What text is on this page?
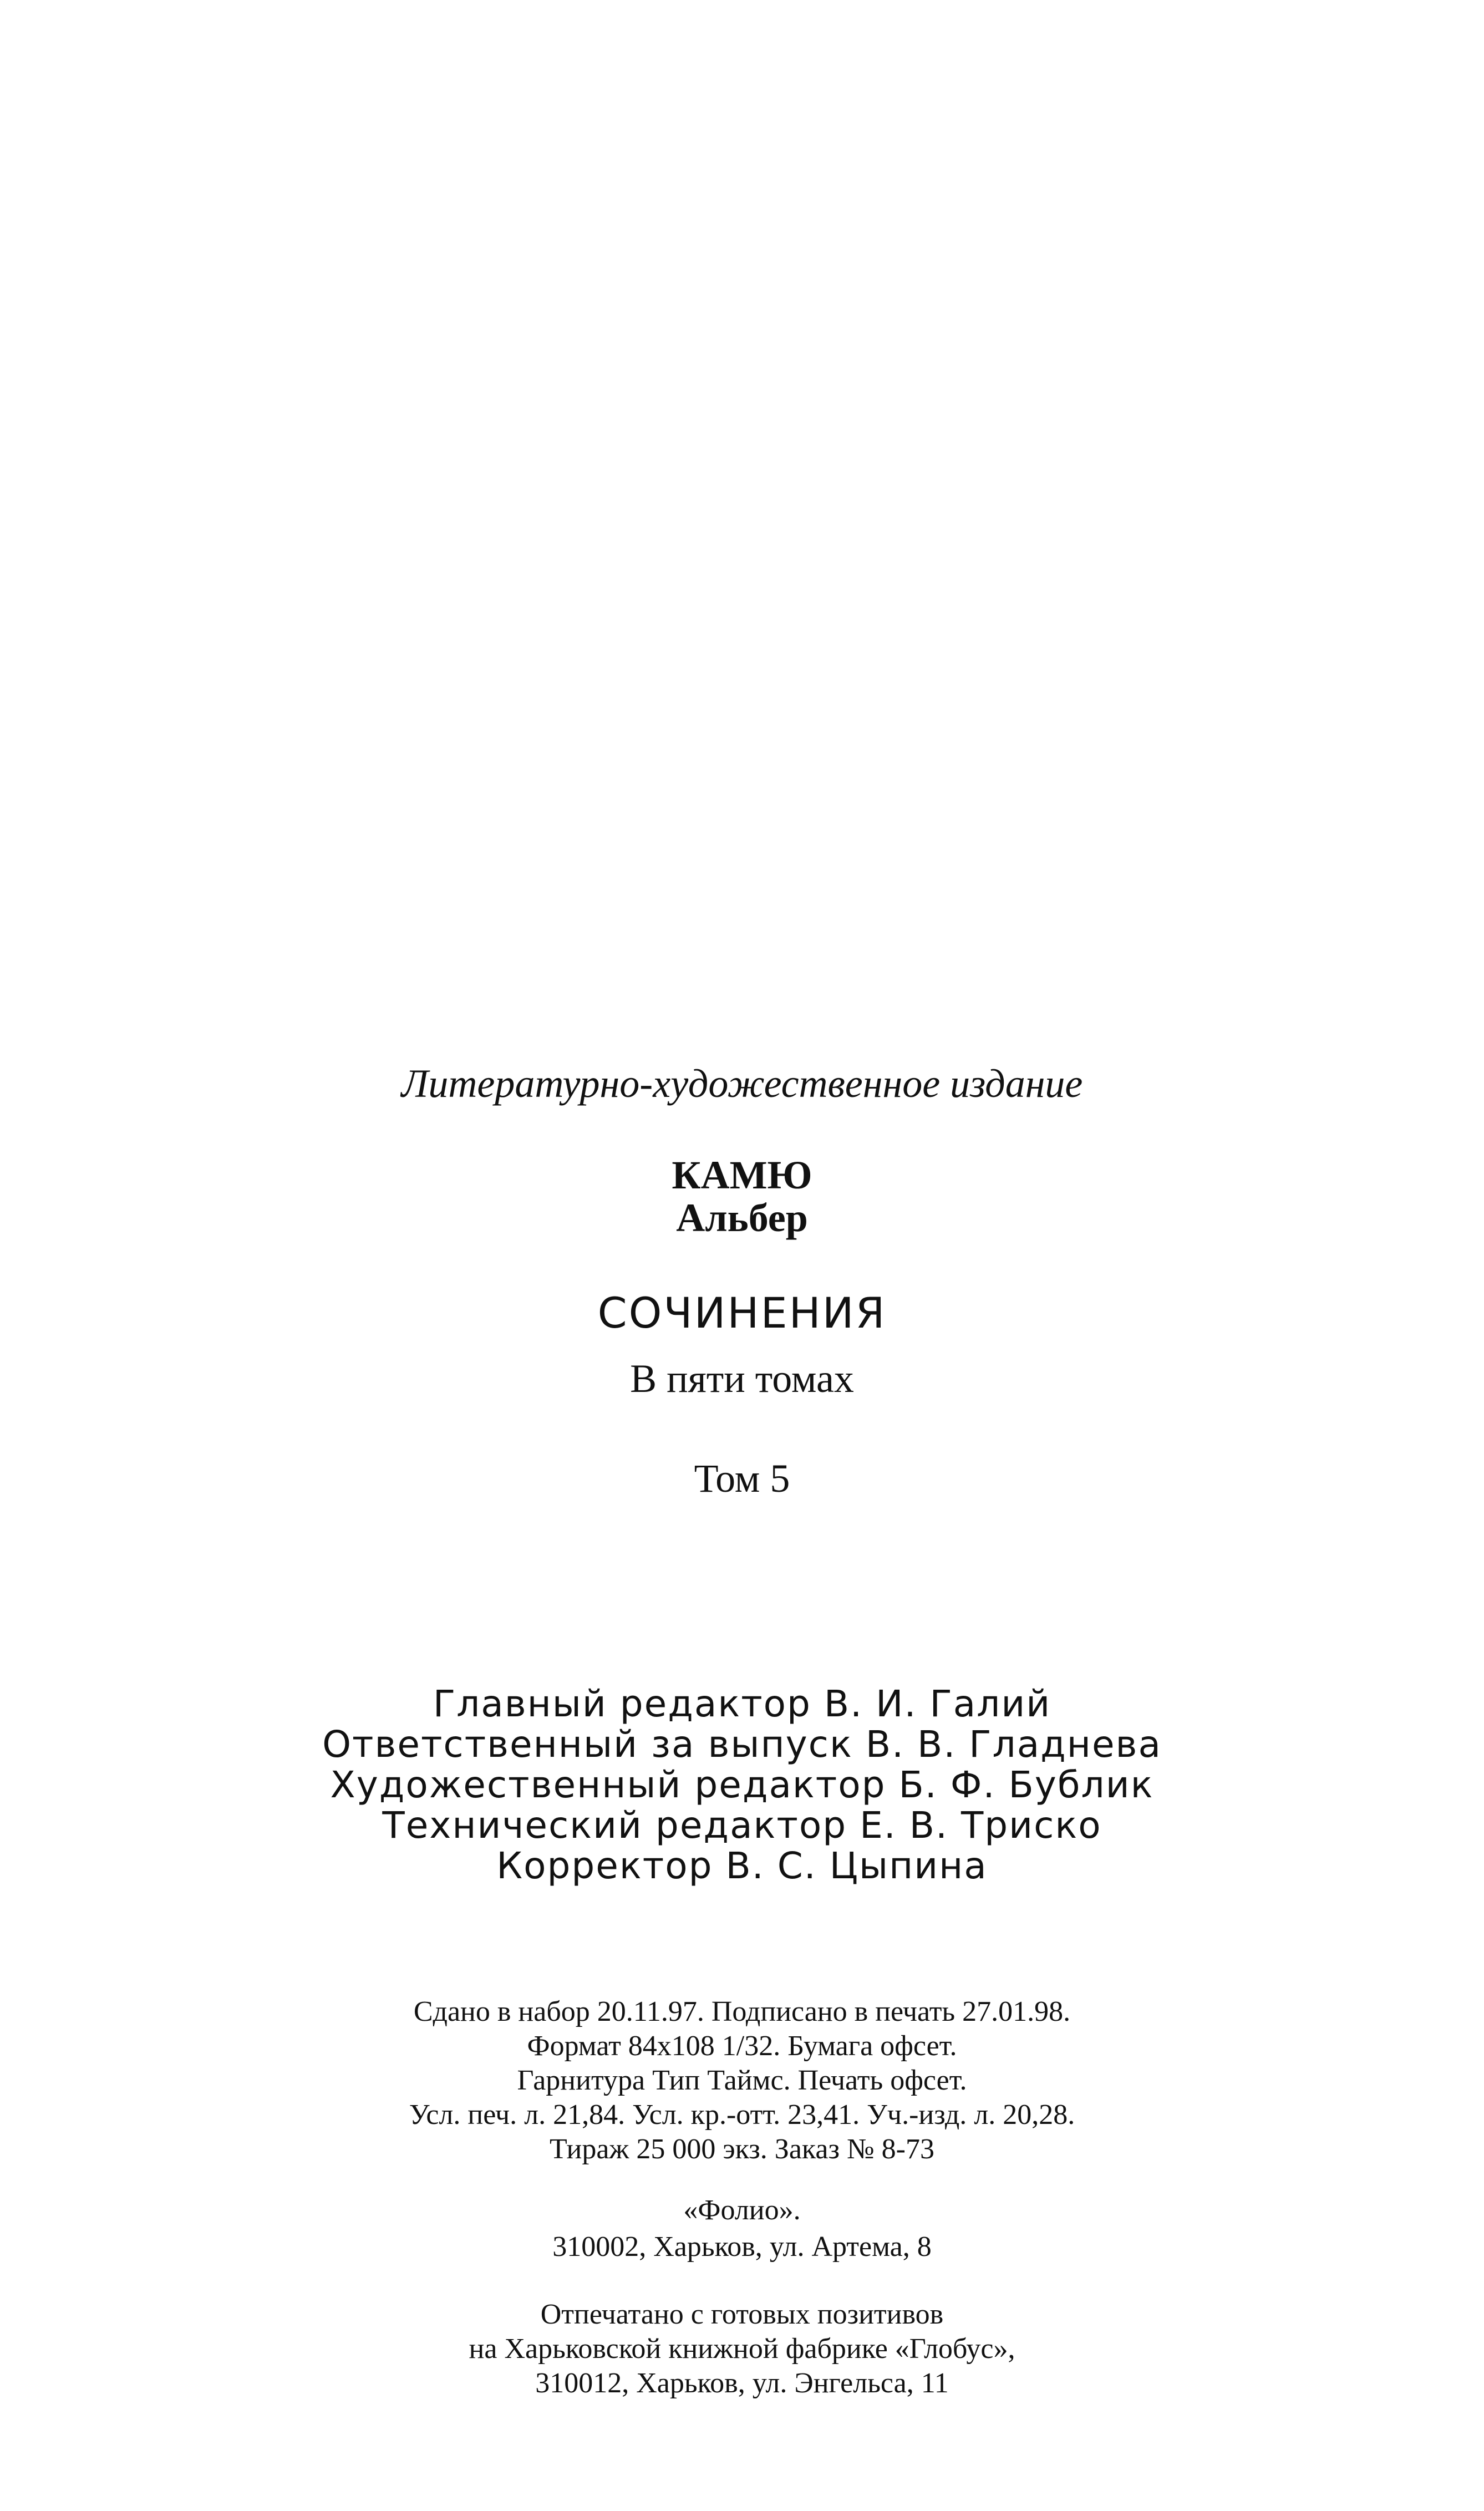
Литературно-художественное издание
КАМЮ
Альбер
СОЧИНЕНИЯ
В пяти томах
Том 5
Главный редактор В. И. Галий
Ответственный за выпуск В. В. Гладнева
Художественный редактор Б. Ф. Бублик
Технический редактор Е. В. Триско
Корректор В. С. Цыпина
Сдано в набор 20.11.97. Подписано в печать 27.01.98.
Формат 84x108 1/32. Бумага офсет.
Гарнитура Тип Таймс. Печать офсет.
Усл. печ. л. 21,84. Усл. кр.-отт. 23,41. Уч.-изд. л. 20,28.
Тираж 25 000 экз. Заказ № 8-73
«Фолио».
310002, Харьков, ул. Артема, 8
Отпечатано с готовых позитивов
на Харьковской книжной фабрике «Глобус»,
310012, Харьков, ул. Энгельса, 11
